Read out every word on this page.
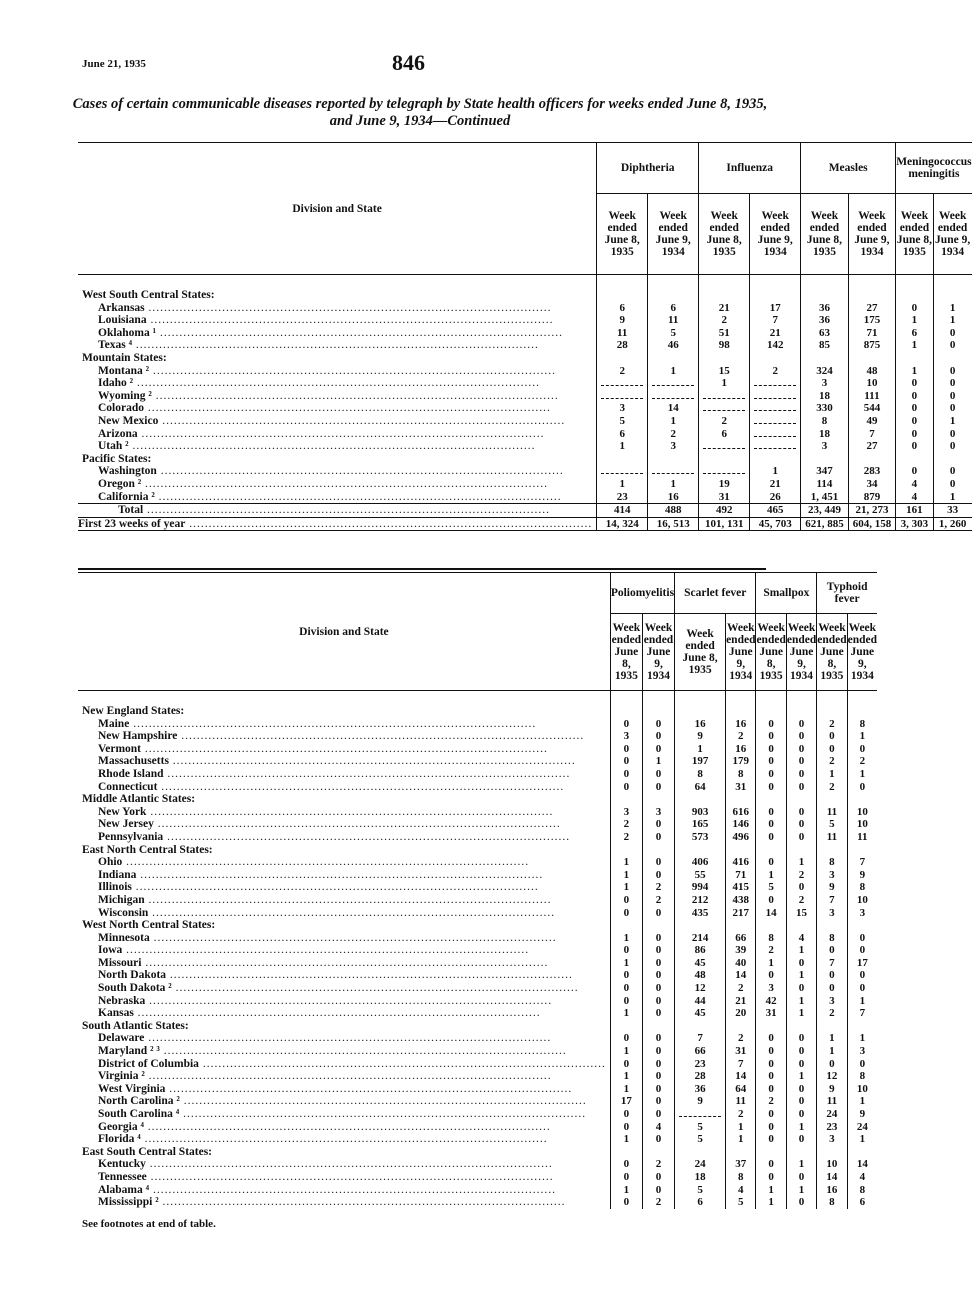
June 21, 1935	846
Cases of certain communicable diseases reported by telegraph by State health officers for weeks ended June 8, 1935, and June 9, 1934—Continued
Division and State	Diphtheria		Influenza		Measles		Meningococcus meningitis	
	Week ended June 8, 1935	Week ended June 9, 1934	Week ended June 8, 1935	Week ended June 9, 1934	Week ended June 8, 1935	Week ended June 9, 1934	Week ended June 8, 1935	Week ended June 9, 1934
West South Central States:								
Arkansas .....	6	6	21	17	36	27	0	1
Louisiana .....	9	11	2	7	36	175	1	1
Oklahoma ¹ .....	11	5	51	21	63	71	6	0
Texas ⁴ .....	28	46	98	142	85	875	1	0
Mountain States:								
Montana ² .....	2	1	15	2	324	48	1	0
Idaho ² .....			1		3	10	0	0
Wyoming ² .....					18	111	0	0
Colorado .....	3	14			330	544	0	0
New Mexico .....	5	1	2		8	49	0	1
Arizona .....	6	2	6		18	7	0	0
Utah ² .....	1	3			3	27	0	0
Pacific States:								
Washington .....				1	347	283	0	0
Oregon ² .....	1	1	19	21	114	34	4	0
California ² .....	23	16	31	26	1, 451	879	4	1
Total .....	414	488	492	465	23, 449	21, 273	161	33
First 23 weeks of year .....	14, 324	16, 513	101, 131	45, 703	621, 885	604, 158	3, 303	1, 260
Division and State	Poliomyelitis		Scarlet fever		Smallpox		Typhoid fever	
	Week ended June 8, 1935	Week ended June 9, 1934	Week ended June 8, 1935	Week ended June 9, 1934	Week ended June 8, 1935	Week ended June 9, 1934	Week ended June 8, 1935	Week ended June 9, 1934
New England States:								
Maine .....	0	0	16	16	0	0	2	8
New Hampshire .....	3	0	9	2	0	0	0	1
Vermont .....	0	0	1	16	0	0	0	0
Massachusetts .....	0	1	197	179	0	0	2	2
Rhode Island .....	0	0	8	8	0	0	1	1
Connecticut .....	0	0	64	31	0	0	2	0
Middle Atlantic States:								
New York .....	3	3	903	616	0	0	11	10
New Jersey .....	2	0	165	146	0	0	5	10
Pennsylvania .....	2	0	573	496	0	0	11	11
East North Central States:								
Ohio .....	1	0	406	416	0	1	8	7
Indiana .....	1	0	55	71	1	2	3	9
Illinois .....	1	2	994	415	5	0	9	8
Michigan .....	0	2	212	438	0	2	7	10
Wisconsin .....	0	0	435	217	14	15	3	3
West North Central States:								
Minnesota .....	1	0	214	66	8	4	8	0
Iowa .....	0	0	86	39	2	1	0	0
Missouri .....	1	0	45	40	1	0	7	17
North Dakota .....	0	0	48	14	0	1	0	0
South Dakota ² .....	0	0	12	2	3	0	0	0
Nebraska .....	0	0	44	21	42	1	3	1
Kansas .....	1	0	45	20	31	1	2	7
South Atlantic States:								
Delaware .....	0	0	7	2	0	0	1	1
Maryland ² ³ .....	1	0	66	31	0	0	1	3
District of Columbia .....	0	0	23	7	0	0	0	0
Virginia ² .....	1	0	28	14	0	1	12	8
West Virginia .....	1	0	36	64	0	0	9	10
North Carolina ² .....	17	0	9	11	2	0	11	1
South Carolina ⁴ .....	0	0		2	0	0	24	9
Georgia ⁴ .....	0	4	5	1	0	1	23	24
Florida ⁴ .....	1	0	5	1	0	0	3	1
East South Central States:								
Kentucky .....	0	2	24	37	0	1	10	14
Tennessee .....	0	0	18	8	0	0	14	4
Alabama ⁴ .....	1	0	5	4	1	1	16	8
Mississippi ² .....	0	2	6	5	1	0	8	6
See footnotes at end of table.
